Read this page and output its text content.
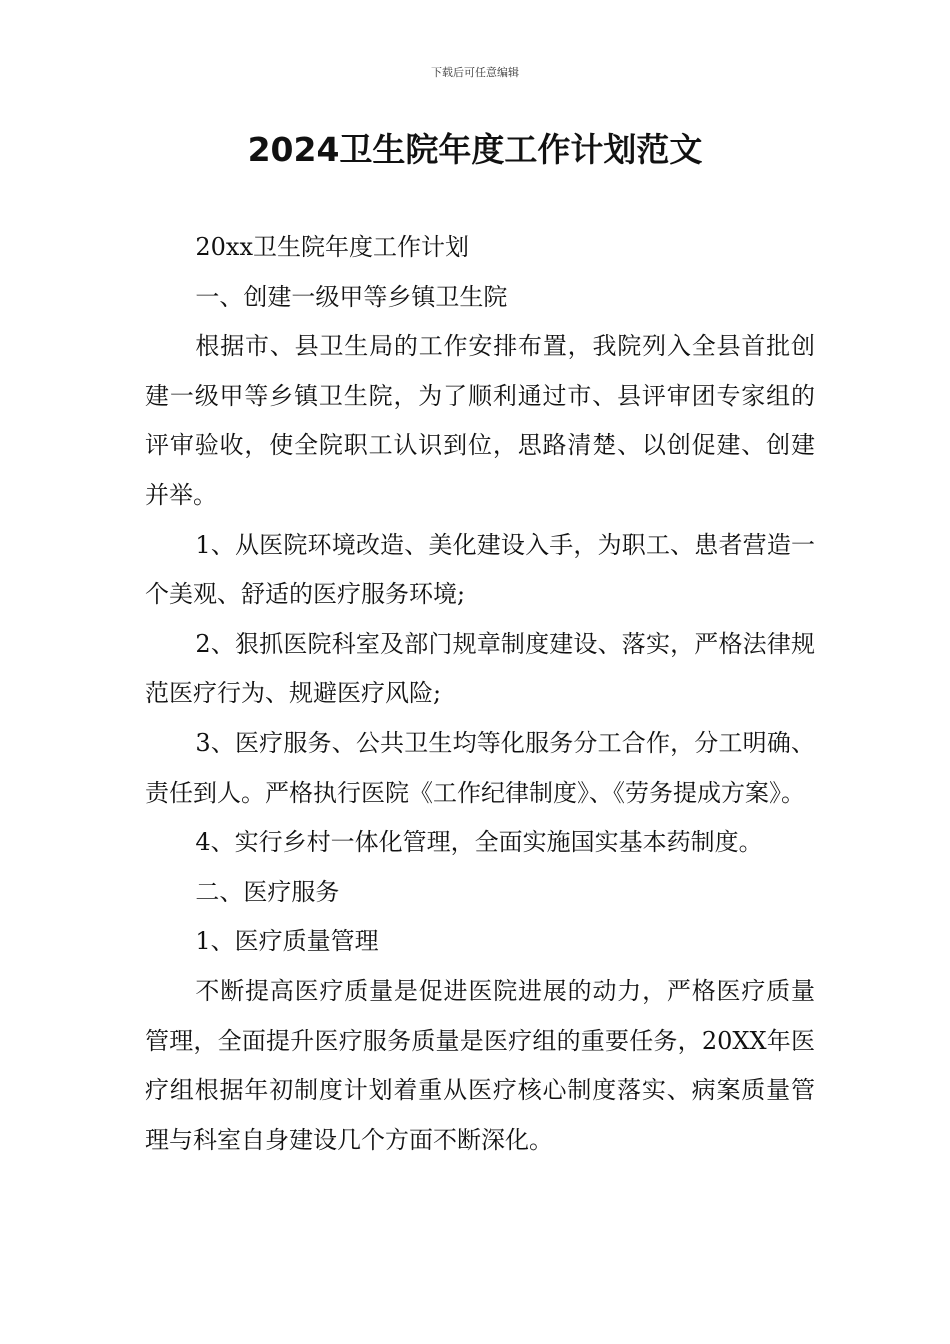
下载后可任意编辑
2024卫生院年度工作计划范文

20xx卫生院年度工作计划

一、创建一级甲等乡镇卫生院

根据市、县卫生局的工作安排布置，我院列入全县首批创建一级甲等乡镇卫生院，为了顺利通过市、县评审团专家组的评审验收，使全院职工认识到位，思路清楚、以创促建、创建并举。

1、从医院环境改造、美化建设入手，为职工、患者营造一个美观、舒适的医疗服务环境;

2、狠抓医院科室及部门规章制度建设、落实，严格法律规范医疗行为、规避医疗风险;

3、医疗服务、公共卫生均等化服务分工合作，分工明确、责任到人。严格执行医院《工作纪律制度》、《劳务提成方案》。

4、实行乡村一体化管理，全面实施国实基本药制度。

二、医疗服务

1、医疗质量管理

不断提高医疗质量是促进医院进展的动力，严格医疗质量管理，全面提升医疗服务质量是医疗组的重要任务，20XX年医疗组根据年初制度计划着重从医疗核心制度落实、病案质量管理与科室自身建设几个方面不断深化。
